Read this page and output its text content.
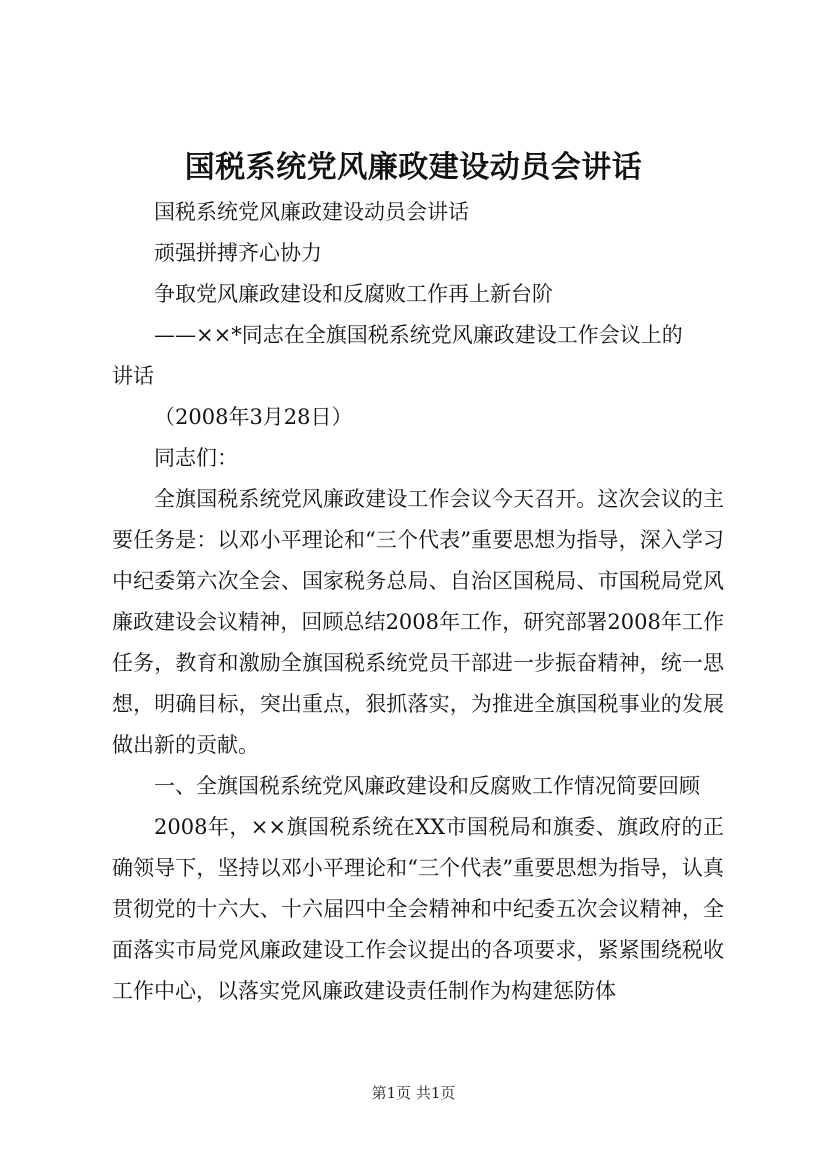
国税系统党风廉政建设动员会讲话

国税系统党风廉政建设动员会讲话

顽强拼搏齐心协力

争取党风廉政建设和反腐败工作再上新台阶

——××*同志在全旗国税系统党风廉政建设工作会议上的

讲话

（2008年3月28日）

同志们：

全旗国税系统党风廉政建设工作会议今天召开。这次会议的主要任务是：以邓小平理论和“三个代表”重要思想为指导，深入学习中纪委第六次全会、国家税务总局、自治区国税局、市国税局党风廉政建设会议精神，回顾总结2008年工作，研究部署2008年工作任务，教育和激励全旗国税系统党员干部进一步振奋精神，统一思想，明确目标，突出重点，狠抓落实，为推进全旗国税事业的发展做出新的贡献。

一、全旗国税系统党风廉政建设和反腐败工作情况简要回顾

2008年，××旗国税系统在XX市国税局和旗委、旗政府的正确领导下，坚持以邓小平理论和“三个代表”重要思想为指导，认真贯彻党的十六大、十六届四中全会精神和中纪委五次会议精神，全面落实市局党风廉政建设工作会议提出的各项要求，紧紧围绕税收工作中心，以落实党风廉政建设责任制作为构建惩防体

第1页 共1页
